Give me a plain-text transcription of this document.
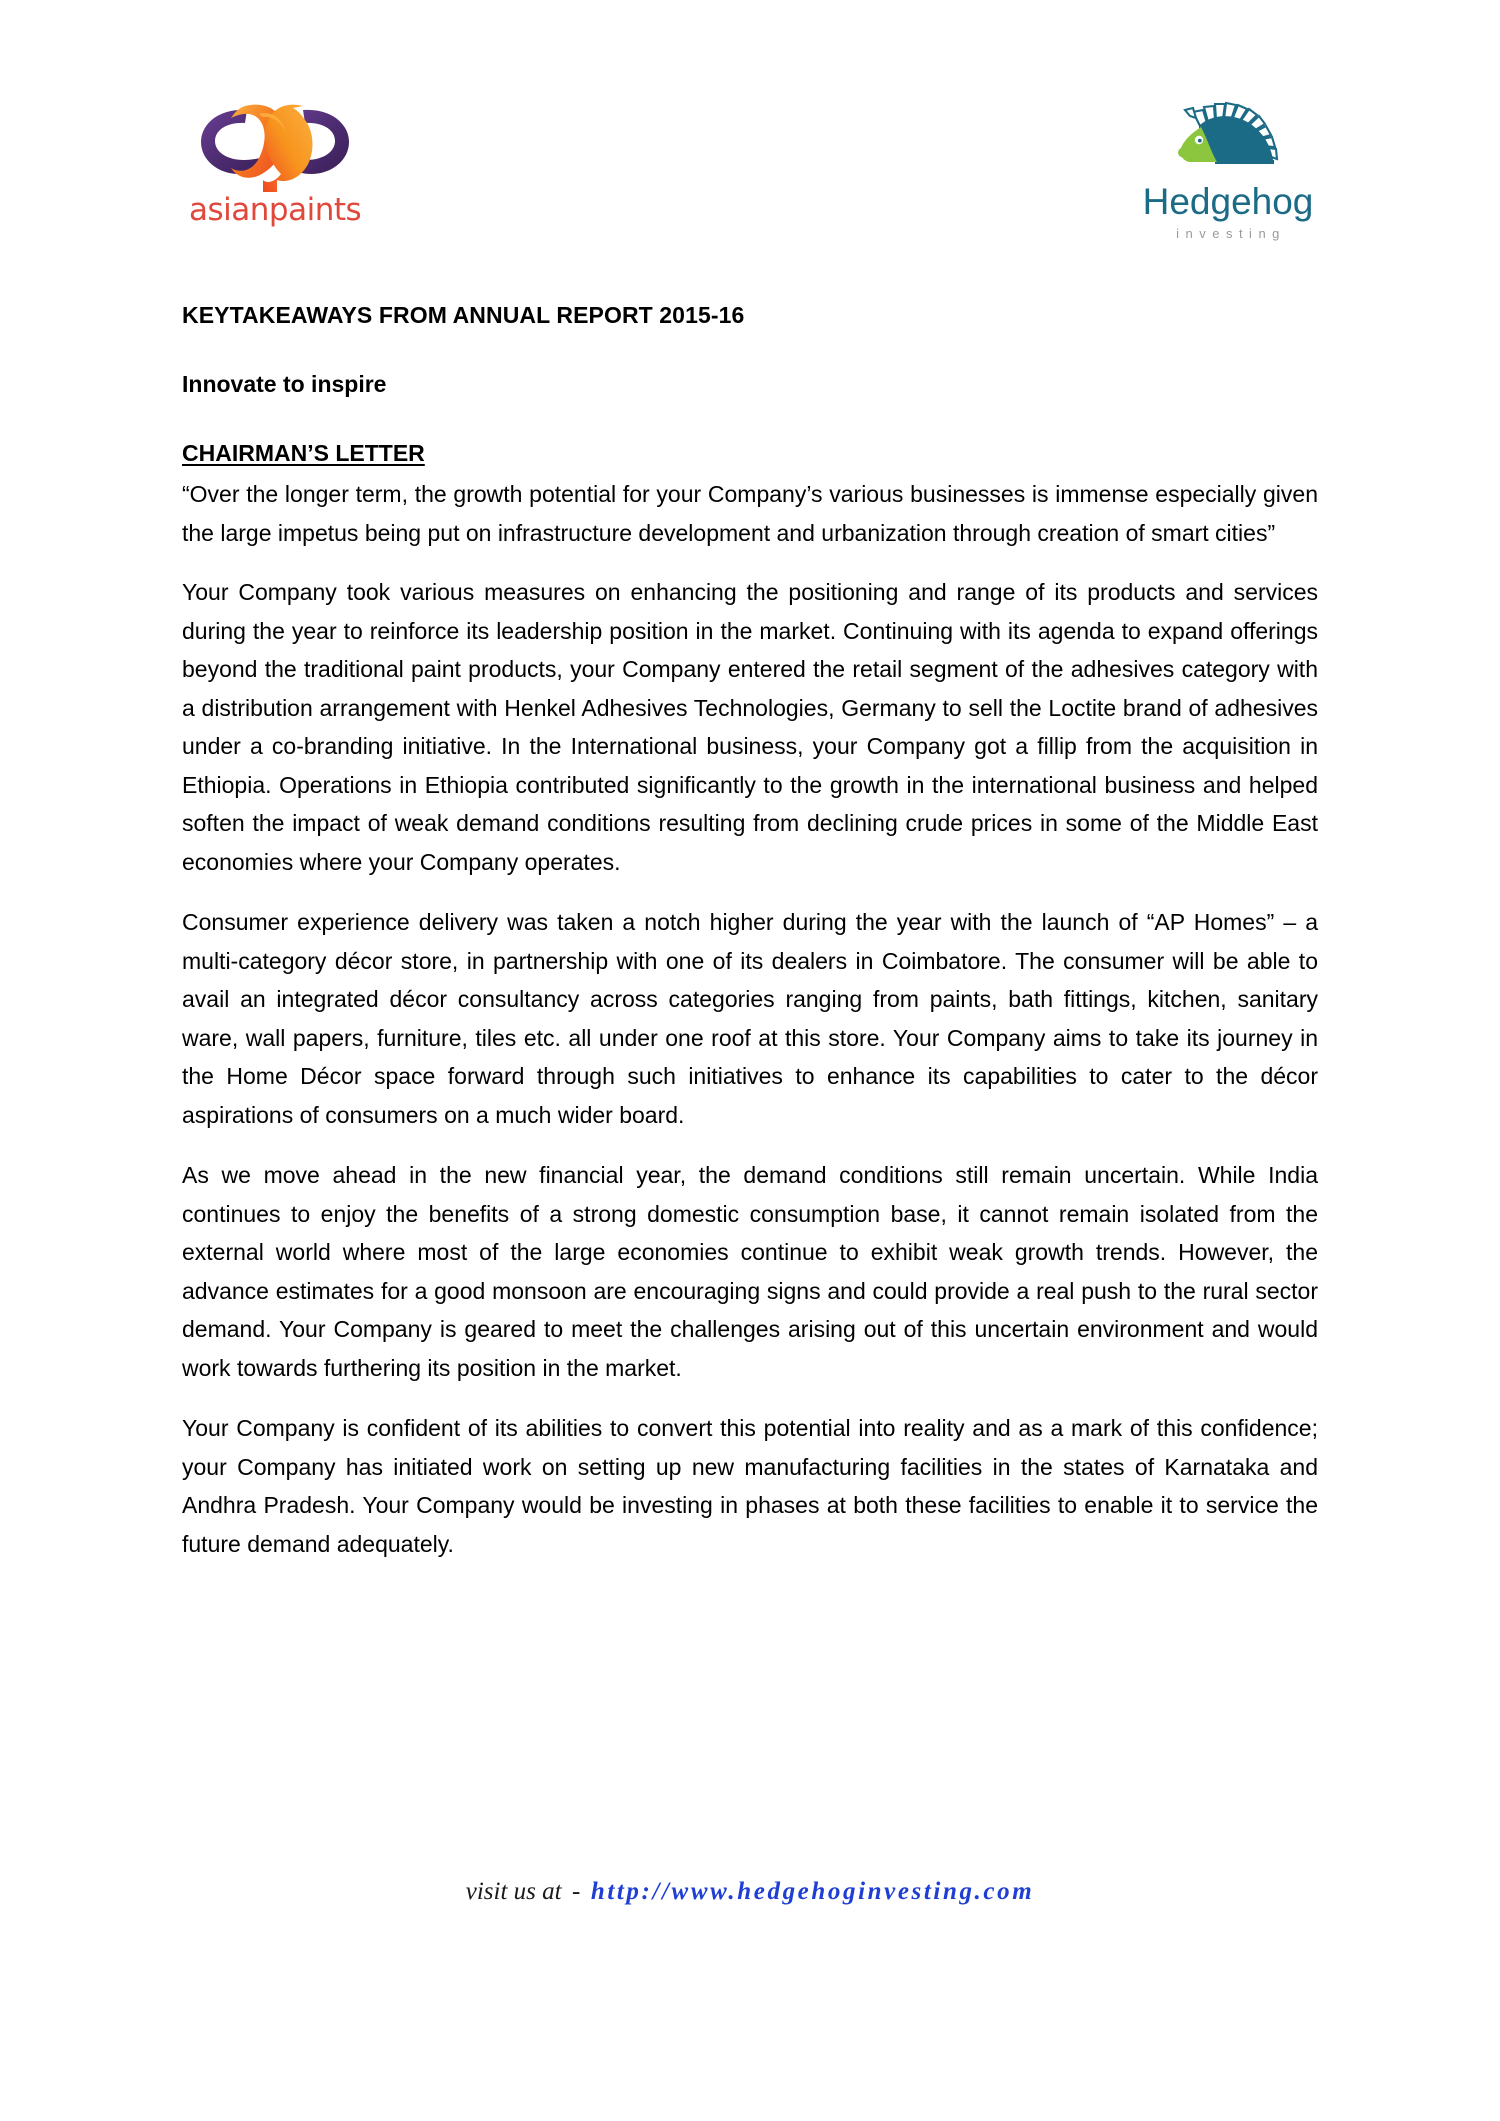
asianpaints	Hedgehog
investing

KEYTAKEAWAYS FROM ANNUAL REPORT 2015-16

Innovate to inspire

CHAIRMAN’S LETTER

“Over the longer term, the growth potential for your Company’s various businesses is immense especially given the large impetus being put on infrastructure development and urbanization through creation of smart cities”

Your Company took various measures on enhancing the positioning and range of its products and services during the year to reinforce its leadership position in the market. Continuing with its agenda to expand offerings beyond the traditional paint products, your Company entered the retail segment of the adhesives category with a distribution arrangement with Henkel Adhesives Technologies, Germany to sell the Loctite brand of adhesives under a co-branding initiative. In the International business, your Company got a fillip from the acquisition in Ethiopia. Operations in Ethiopia contributed significantly to the growth in the international business and helped soften the impact of weak demand conditions resulting from declining crude prices in some of the Middle East economies where your Company operates.

Consumer experience delivery was taken a notch higher during the year with the launch of “AP Homes” – a multi-category décor store, in partnership with one of its dealers in Coimbatore. The consumer will be able to avail an integrated décor consultancy across categories ranging from paints, bath fittings, kitchen, sanitary ware, wall papers, furniture, tiles etc. all under one roof at this store. Your Company aims to take its journey in the Home Décor space forward through such initiatives to enhance its capabilities to cater to the décor aspirations of consumers on a much wider board.

As we move ahead in the new financial year, the demand conditions still remain uncertain. While India continues to enjoy the benefits of a strong domestic consumption base, it cannot remain isolated from the external world where most of the large economies continue to exhibit weak growth trends. However, the advance estimates for a good monsoon are encouraging signs and could provide a real push to the rural sector demand. Your Company is geared to meet the challenges arising out of this uncertain environment and would work towards furthering its position in the market.

Your Company is confident of its abilities to convert this potential into reality and as a mark of this confidence; your Company has initiated work on setting up new manufacturing facilities in the states of Karnataka and Andhra Pradesh. Your Company would be investing in phases at both these facilities to enable it to service the future demand adequately.

visit us at - http://www.hedgehoginvesting.com
